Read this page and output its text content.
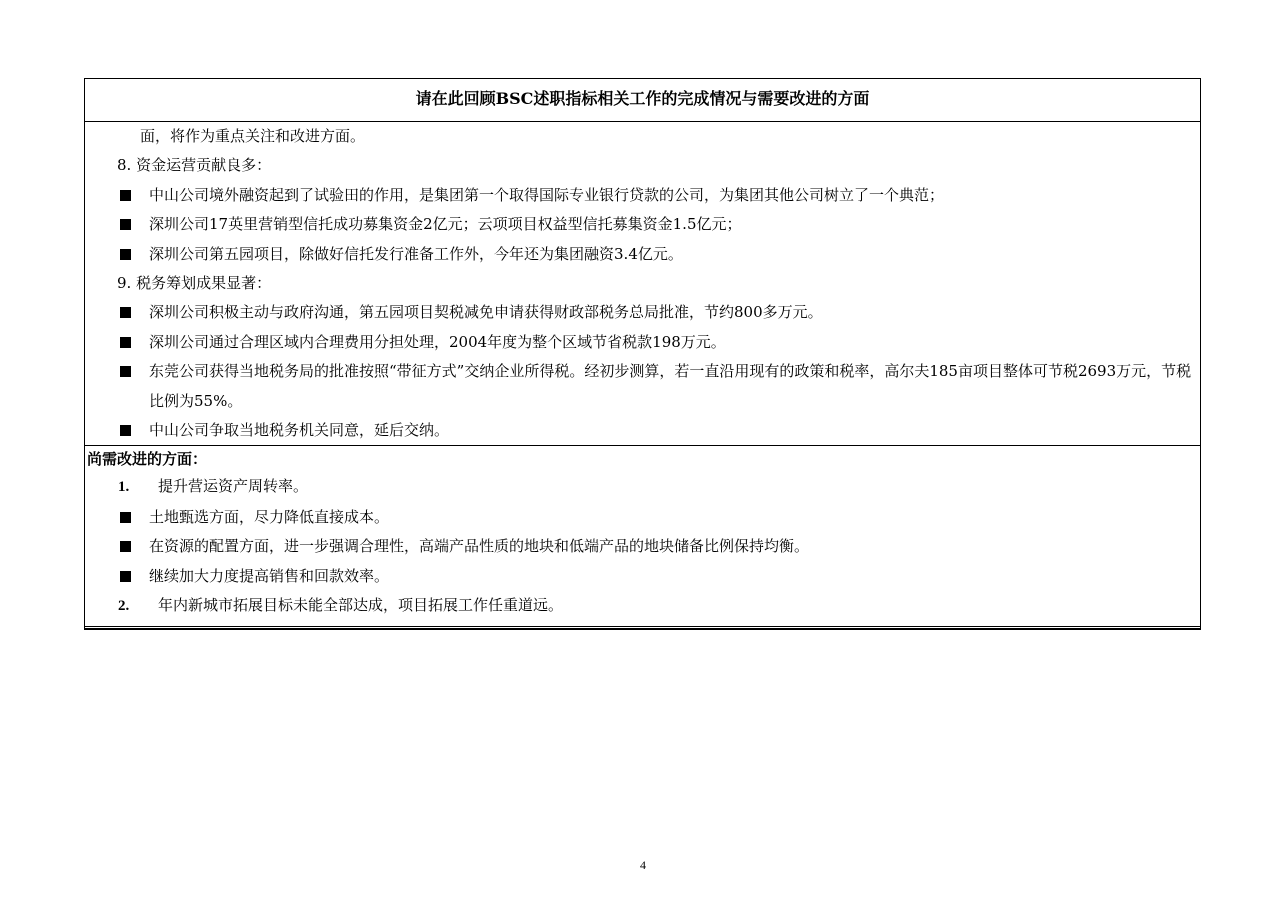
请在此回顾BSC述职指标相关工作的完成情况与需要改进的方面
面，将作为重点关注和改进方面。
8. 资金运营贡献良多：
中山公司境外融资起到了试验田的作用，是集团第一个取得国际专业银行贷款的公司，为集团其他公司树立了一个典范；
深圳公司17英里营销型信托成功募集资金2亿元；云项项目权益型信托募集资金1.5亿元；
深圳公司第五园项目，除做好信托发行准备工作外，今年还为集团融资3.4亿元。
9. 税务筹划成果显著：
深圳公司积极主动与政府沟通，第五园项目契税减免申请获得财政部税务总局批准，节约800多万元。
深圳公司通过合理区域内合理费用分担处理，2004年度为整个区域节省税款198万元。
东莞公司获得当地税务局的批准按照“带征方式”交纳企业所得税。经初步测算，若一直沿用现有的政策和税率，高尔夫185亩项目整体可节税2693万元，节税比例为55%。
中山公司争取当地税务机关同意，延后交纳。
尚需改进的方面：
1. 提升营运资产周转率。
土地甄选方面，尽力降低直接成本。
在资源的配置方面，进一步强调合理性，高端产品性质的地块和低端产品的地块储备比例保持均衡。
继续加大力度提高销售和回款效率。
2. 年内新城市拓展目标未能全部达成，项目拓展工作任重道远。
4
